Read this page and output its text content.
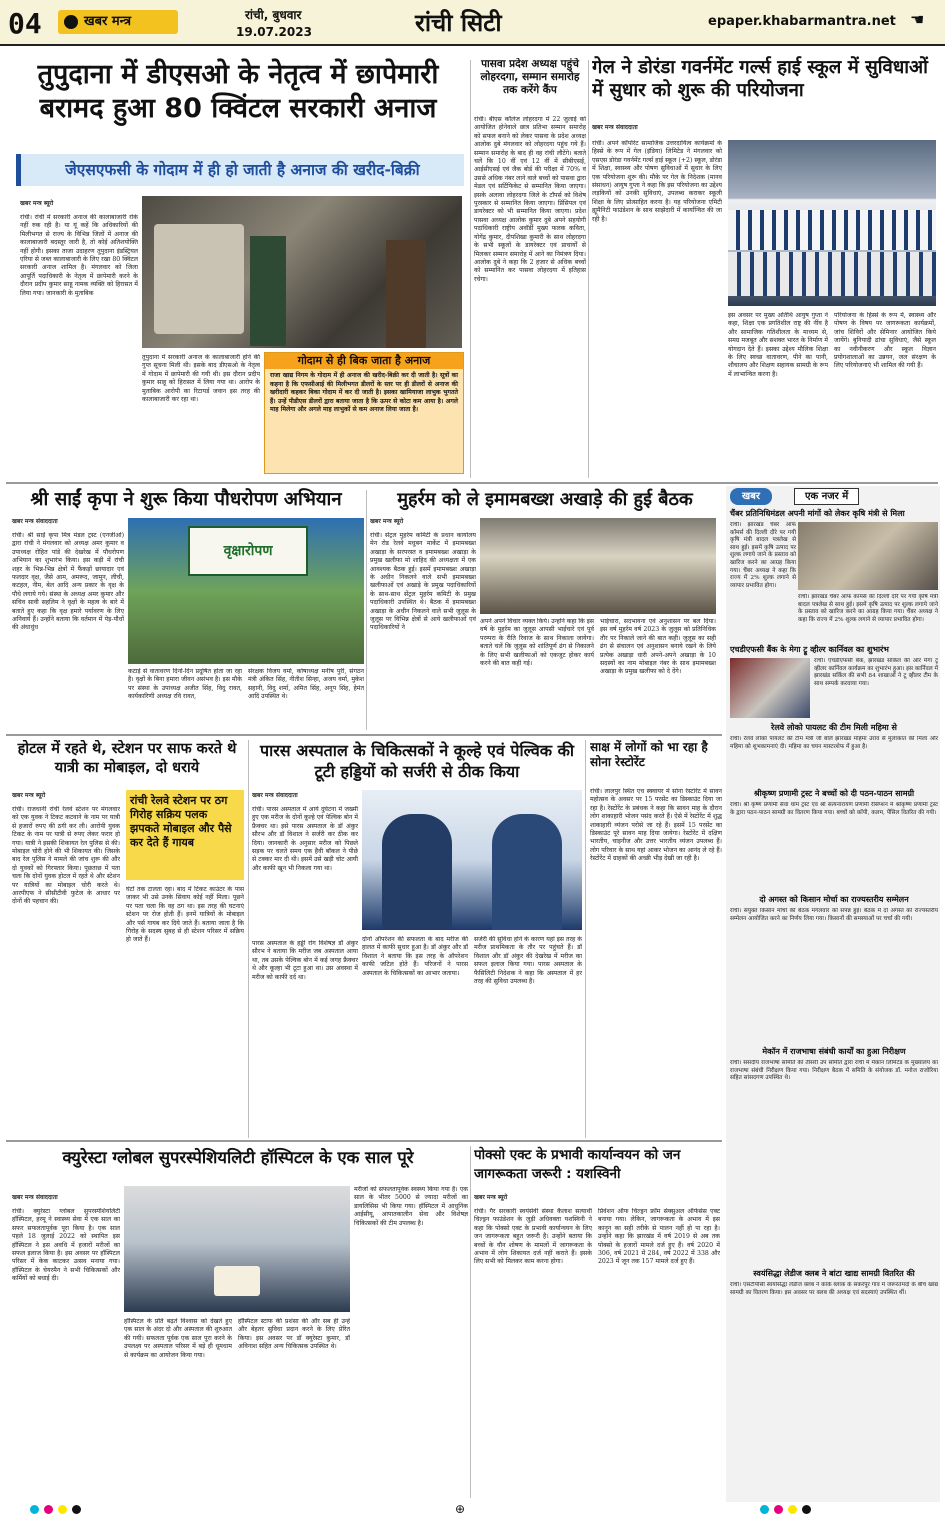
04	खबर मन्त्र	रांची, बुधवार
19.07.2023	रांची सिटी	epaper.khabarmantra.net ☚
तुपुदाना में डीएसओ के नेतृत्व में छापेमारी बरामद हुआ 80 क्विंटल सरकारी अनाज
जेएसएफसी के गोदाम में ही हो जाती है अनाज की खरीद-बिक्री
खबर मन्त्र ब्यूरो
रांची। रांची में सरकारी अनाज की कालाबाजारी रोके नहीं रुक रही है। या यूं कहें कि अधिकारियों की मिलीभगत से राज्य के विभिन्न जिलों में अनाज की कालाबाजारी बदस्तूर जारी है, तो कोई अतिशयोक्ति नहीं होगी। इसका ताजा उदाहरण तुपुदाना इंडस्ट्रियल एरिया से जब्त कालाबाजारी के लिए रखा 80 क्विंटल सरकारी अनाज शामिल है। मंगलवार को जिला आपूर्ति पदाधिकारी के नेतृत्व में छापेमारी करने के दौरान प्रदीप कुमार साहू नामक व्यक्ति को हिरासत में लिया गया। जानकारी के मुताबिक
तुपुदाना में सरकारी अनाज के कालाबाजारी होने की गुप्त सूचना मिली थी। इसके बाद डीएसओ के नेतृत्व में गोदाम में छापेमारी की गयी थी। इस दौरान प्रदीप कुमार साहू को हिरासत में लिया गया था। आरोप के मुताबिक आरोपी का रिटायर्ड जवान इस तरह की कालाबाजारी कर रहा था।
गोदाम से ही बिक जाता है अनाज
राजा खाद्य निगम के गोदाम में ही अनाज की खरीद-बिक्री कर दी जाती है। सूत्रों का कहना है कि एफसीआई की मिलीभगत डीलरों के स्तर पर ही डीलरों से अनाज की खरीदारी कहकर बिका गोदाम में कर दी जाती है। इसका खामियाजा लाभुक भुगतते हैं। उन्हें पीडीएस डीलरों द्वारा बताया जाता है कि ऊपर से कोटा कम आया है। अगले माह मिलेगा और अगले माह लाभुकों से कम अनाज लिया जाता है।
पासवा प्रदेश अध्यक्ष पहुंचे लोहरदगा, सम्मान समारोह तक करेंगे कैंप
रांची। बीएस कॉलेज लोहरदगा में 22 जुलाई को आयोजित होनेवाले छात्र प्रतिभा सम्मान समारोह को सफल बनाने को लेकर पासवा के प्रदेश अध्यक्ष आलोक दुबे मंगलवार को लोहरदगा पहुंच गये हैं। सम्मान समारोह के बाद ही वह रांची लौटेंगे। बताते चलें कि 10 वीं एवं 12 वीं में सीबीएसई, आईसीएसई एवं जैक बोर्ड की परीक्षा में 70% व उससे अधिक नंबर लाने वाले बच्चों को पासवा द्वारा मेडल एवं सर्टिफिकेट से सम्मानित किया जाएगा। इसके अलावा लोहरदगा जिले के टॉपर्स को विशेष पुरस्कार से सम्मानित किया जाएगा। प्रिंसिपल एवं डायरेक्टर को भी सम्मानित किया जाएगा। प्रदेश पासवा अध्यक्ष आलोक कुमार दुबे अपने सहयोगी पदाधिकारी राष्ट्रीय अवॉर्डी मुख्य फलक कविता, योगेंद्र कुमार, दीपशिखा कुमारी के साथ लोहरदगा के सभी स्कूलों के डायरेक्टर एवं प्राचार्यों से मिलकर सम्मान समारोह में आने का निमंत्रण दिया। आलोक दुबे ने कहा कि 2 हजार से अधिक बच्चों को सम्मानित कर पासवा लोहरदगा में इतिहास रचेगा।
गेल ने डोरंडा गवर्नमेंट गर्ल्स हाई स्कूल में सुविधाओं में सुधार को शुरू की परियोजना
खबर मन्त्र संवाददाता
रांची। अपने कॉर्पोरेट सामाजिक उत्तरदायित्व कार्यक्रमों के हिस्से के रूप में गेल (इंडिया) लिमिटेड ने मंगलवार को एसएस डोरंडा गवर्नमेंट गर्ल्स हाई स्कूल (+2) स्कूल, डोरंडा में शिक्षा, स्वास्थ्य और पोषण सुविधाओं में सुधार के लिए एक परियोजना शुरू की। मौके पर गेल के निदेशक (मानव संसाधन) आयुष गुप्ता ने कहा कि इस परियोजना का उद्देश्य लड़कियों को उनकी सुविधाएं, उपलब्ध कराकर स्कूली शिक्षा के लिए प्रोत्साहित करना है। यह परियोजना एमिटी ह्यूमैनिटी फाउंडेशन के साथ साझेदारी में कार्यान्वित की जा रही है।
इस अवसर पर मुख्य अतिथि आयुष गुप्ता ने कहा, शिक्षा एक प्रगतिशील राष्ट्र की नींव है और सामाजिक गतिशीलता के माध्यम से, समग्र मजबूत और सशक्त भारत के निर्माण में योगदान देते हैं। इसका उद्देश्य मौलिक शिक्षा के लिए स्वच्छ वातावरण, पीने का पानी, शौचालय और शिक्षण सहायक सामग्री के रूप में लाभान्वित करना है।
परियोजना के हिस्से के रूप में, स्वास्थ्य और पोषण के विषय पर जागरूकता कार्यक्रमों, जांच शिविरों और सेमिनार आयोजित किये जायेंगे। बुनियादी ढांचा सुविधाएं, जैसे स्कूल का नवीनीकरण और स्कूल विज्ञान प्रयोगशालाओं का उन्नयन, जल संरक्षण के लिए परियोजनाएं भी शामिल की गयी हैं।
श्री साईं कृपा ने शुरू किया पौधरोपण अभियान
खबर मन्त्र संवाददाता
रांची। श्री साईं कृपा मित्र मंडल ट्रस्ट (एनजीओ) द्वारा रांची ने मंगलवार को अध्यक्ष अमर कुमार व उपाध्यक्ष रोहित पांडे की देखरेख में पौधरोपण अभियान का शुभारंभ किया। इस कड़ी में रांची शहर के भिन्न-भिन्न क्षेत्रों में फैंकड़ों छायादार एवं फलदार वृक्ष, जैसे आम, अमरूद, जामुन, लीची, कटहल, नीम, बेल आदि अन्य प्रकार के वृक्ष के पौधे लगाये गये। संस्था के अध्यक्ष अमर कुमार और सचिव सावी सहलिम ने वृक्षों के महत्व के बारे में बताते हुए कहा कि वृक्ष हमारे पर्यावरण के लिए अनिवार्य हैं। उन्होंने बताया कि वर्तमान में पेड़-पौधों की अंधाधुंध
वृक्षारोपण
कटाई से वातावरण दिनों-दिन प्रदूषित होता जा रहा है। वृक्षों के बिना हमारा जीवन असंभव है। इस मौके पर संस्था के उपाध्यक्ष अजीत सिंह, विदु रावत, कार्यकारिणी अध्यक्ष रवि रावत,
संरक्षक विजय वर्मा, कोषाध्यक्ष मनीष पुरी, संगठन मंत्री अंकित सिंह, नीतीश सिन्हा, अजय वर्मा, मुकेश सहानी, विदु शर्मा, अमित सिंह, अनूप सिंह, हेमंत आदि उपस्थित थे।
मुहर्रम को ले इमामबख्श अखाड़े की हुई बैठक
खबर मन्त्र ब्यूरो
रांची। सेंट्रल मुहर्रम कमिटी के प्रधान कार्यालय मेन रोड रेलवे मधुबन मार्केट में इमामबख्श अखाड़ा के सरपरस्त व इमामबख्श अखाड़ा के प्रमुख खलीफा मो शाहिद की अध्यक्षता में एक आवश्यक बैठक हुई। इसमें इमामबख्श अखाड़ा के अधीन निकलने वाले सभी इमामबख्श खलीफाओं एवं अखाड़े के प्रमुख पदाधिकारियों के साथ-साथ सेंट्रल मुहर्रम कमिटी के प्रमुख पदाधिकारी उपस्थित थे। बैठक में इमामबख्श अखाड़ा के अधीन निकलने वाले सभी जुलूस के जुलूस पर विभिन्न क्षेत्रों से आये खलीफाओं एवं पदाधिकारियों ने
अपने अपने विचार व्यक्त किये। उन्होंने कहा कि इस वर्ष के मुहर्रम का जुलूस आपसी भाईचारे एवं पूर्व परम्परा के रीति रिवाज के साथ निकाला जायेगा। बताते चलें कि जुलूस को शांतिपूर्ण ढंग से निकालने के लिए सभी खलीफाओं को एकजुट होकर कार्य करने की बात कही गई।
भाईचारा, सदभावना एवं अनुशासन पर बल दिया। इस वर्ष मुहर्रम वर्ष 2023 के जुलूस को प्रतिनिधिक तौर पर निकाले जाने की बात कही। जुलूस का सही ढंग से संचालन एवं अनुशासन बनाये रखने के लिये प्रत्येक अखाड़ा धारी अपने-अपने अखाड़ा के 10 सदस्यों का नाम मोबाइल नंबर के साथ इमामबख्श अखाड़ा के प्रमुख खलीफा को दे देंगे।
खबर	एक नजर में
चैंबर प्रतिनिधिमंडल अपनी मांगों को लेकर कृषि मंत्री से मिला
रांची। झारखंड चैंबर ऑफ कॉमर्स की दिल्ली दौरे पर गयी कृषि मंत्री बादल पत्रलेख से साथ हुई। इसमें कृषि उत्पाद पर शुल्क लगाये जाने के प्रस्ताव को खारिज करने का आग्रह किया गया। चैंबर अध्यक्ष ने कहा कि राज्य में 2% शुल्क लगाने से व्यापार प्रभावित होगा।
रांची। झारखंड चैंबर ऑफ कॉमर्स की दिल्ली दौरे पर गयी कृषि मंत्री बादल पत्रलेख से साथ हुई। इसमें कृषि उत्पाद पर शुल्क लगाये जाने के प्रस्ताव को खारिज करने का आग्रह किया गया। चैंबर अध्यक्ष ने कहा कि राज्य में 2% शुल्क लगाने से व्यापार प्रभावित होगा।
एचडीएफसी बैंक के मेगा ट्रू व्हील्‍र कार्निवल का शुभारंभ
रांची। एचडीएफसी बैंक, झारखंड सर्किल की ओर मेगा टू व्हीलर कार्निवल कार्यक्रम का शुभारंभ हुआ। इस कार्निवल में झारखंड सर्किल की सभी 84 शाखाओं ने टू व्हीलर टीम के साथ सम्पर्क करवाया गया।
रेलवे लोको पायलट की टीम मिली महिमा से
रांची। रेलवे लोको पायलट की टीम मंत्री जी बोले झारखंड महिमा उरांव से मुलाकात की मिला और महिमा को शुभकामनाएं दी। महिमा का चयन मास्टरशेफ में हुआ है।
श्रीकृष्ण प्रणामी ट्रस्ट ने बच्चों को दी पठन-पाठन सामग्री
रांची। श्री कृष्ण प्रणामी सेवा धाम ट्रस्ट एवं श्री सत्यनारायण प्रणामी रीसेप्शन में श्रीकृष्ण प्रणामी ट्रस्ट के द्वारा पठन-पाठन सामग्री का वितरण किया गया। बच्चों को कॉपी, कलम, पेंसिल वितरित की गयी।
दो अगस्त को किसान मोर्चा का राज्यस्तरीय सम्मेलन
रांची। संयुक्त किसान मोर्चा की बैठक मंगलवार को संपन्न हुई। बैठक में दो अगस्त को राज्यस्तरीय सम्मेलन आयोजित करने का निर्णय लिया गया। किसानों की समस्याओं पर चर्चा की गयी।
मेकॉन में राजभाषा संबंधी कार्यों का हुआ निरीक्षण
रांची। संसदीय राजभाषा समिति की तीसरी उप समिति द्वारा रांची में मेकॉन लिमिटेड के मुख्यालय का राजभाषा संबंधी निरीक्षण किया गया। निरीक्षण बैठक में समिति के संयोजक डॉ. मनोज राजोरिया सहित सांसदगण उपस्थित थे।
स्वयंसिद्धा लेडीज क्लब ने बांटा खाद्य सामग्री वितरित की
रांची। एसटीपीसी स्वयंसिद्धा लेडीज क्लब ने कांके ब्लॉक के सकरपुर गांव में जरूरतमंदों के बीच खाद्य सामग्री का वितरण किया। इस अवसर पर क्लब की अध्यक्ष एवं सदस्याएं उपस्थित थीं।
होटल में रहते थे, स्टेशन पर साफ करते थे यात्री का मोबाइल, दो धराये
खबर मन्त्र ब्यूरो
रांची। राजधानी रांची रेलवे स्टेशन पर मंगलवार को एक युवक ने टिकट कटवाने के नाम पर यात्री से हजारों रुपए की ठगी कर ली। आरोपी युवक टिकट के नाम पर यात्री से रुपए लेकर फरार हो गया। यात्री ने इसकी शिकायत रेल पुलिस से की। मोबाइल चोरी होने की भी शिकायत की। जिसके बाद रेल पुलिस ने मामले की जांच शुरू की और दो युवकों को गिरफ्तार किया। पूछताछ में पता चला कि दोनों युवक होटल में रहते थे और स्टेशन पर यात्रियों का मोबाइल चोरी करते थे। आरपीएफ ने सीसीटीवी फुटेज के आधार पर दोनों की पहचान की।
रांची रेलवे स्टेशन पर ठग गिरोह सक्रिय पलक झपकते मोबाइल और पैसे कर देते हैं गायब
घंटों तक टालता रहा। बाद में टिकट काउंटर के पास जाकर भी उसे उनके सिवाय कोई नहीं मिला। पूछने पर पता चला कि वह ठग था। इस तरह की घटनाएं स्टेशन पर रोज होती हैं। इनमें यात्रियों के मोबाइल और पर्स गायब कर दिये जाते हैं। बताया जाता है कि गिरोह के सदस्य सुबह से ही स्टेशन परिसर में सक्रिय हो जाते हैं।
पारस अस्पताल के चिकित्सकों ने कूल्हे एवं पेल्विक की टूटी हड्डियों को सर्जरी से ठीक किया
खबर मन्त्र संवाददाता
रांची। पारस अस्पताल में आये दुर्घटना में जख्मी हुए एक मरीज के दोनों कूल्हे एवं पेल्विक बोन में फ्रैक्चर था। इसे पारस अस्पताल के डॉ अंकुर सौरभ और डॉ विशाल ने सर्जरी कर ठीक कर दिया। जानकारी के अनुसार मरीज को पिछले सड़क पर चलते समय एक हैवी बॉकल ने पीछे से टक्कर मार दी थी। इसमें उसे खड़ी चोट आयी और काफी खून भी निकला गया था।
पारस अस्पताल के हड्डी रोग विशेषज्ञ डॉ अंकुर सौरभ ने बताया कि मरीज जब अस्पताल आया था, तब उसके पेल्विक बोन में कई जगह फ्रैक्चर थे और कूल्हा भी टूटा हुआ था। उस अवस्था में मरीज को काफी दर्द था।
दोनों ऑपरेशन की सफलता के बाद मरीज की हालत में काफी सुधार हुआ है। डॉ अंकुर और डॉ विशाल ने बताया कि इस तरह के ऑपरेशन काफी जटिल होते हैं। परिजनों ने पारस अस्पताल के चिकित्सकों का आभार जताया।
सर्जरी की सुविधा होने के कारण यहां इस तरह के मरीज प्राथमिकता के तौर पर पहुंचते हैं। डॉ विशाल और डॉ अंकुर की देखरेख में मरीज का सफल इलाज किया गया। पारस अस्पताल के फैसिलिटी निदेशक ने कहा कि अस्पताल में हर तरह की सुविधा उपलब्ध है।
साक्ष में लोगों को भा रहा है सोना रेस्टोरेंट
रांची। लालपुर स्थित एच स्क्वायर में सोना रेस्टोरेंट में सावन महोत्सव के अवसर पर 15 परसेंट का डिस्काउंट दिया जा रहा है। रेस्टोरेंट के प्रबंधक ने कहा कि सावन माह के दौरान लोग शाकाहारी भोजन पसंद करते हैं। ऐसे में रेस्टोरेंट में शुद्ध शाकाहारी व्यंजन परोसे जा रहे हैं। इसमें 15 परसेंट का डिस्काउंट पूरे सावन माह दिया जायेगा। रेस्टोरेंट में दक्षिण भारतीय, चाइनीज और उत्तर भारतीय व्यंजन उपलब्ध हैं। लोग परिवार के साथ यहां आकर भोजन का आनंद ले रहे हैं। रेस्टोरेंट में ग्राहकों की अच्छी भीड़ देखी जा रही है।
क्युरेस्टा ग्लोबल सुपरस्पेशियलिटी हॉस्पिटल के एक साल पूरे
खबर मन्त्र संवाददाता
रांची। क्युरेस्टा ग्लोबल सुपरस्पेशियलिटी हॉस्पिटल, हरमू ने स्वास्थ्य सेवा में एक साल का सफर सफलतापूर्वक पूरा किया है। एक साल पहले 18 जुलाई 2022 को स्थापित इस हॉस्पिटल ने इस अवधि में हजारों मरीजों का सफल इलाज किया है। इस अवसर पर हॉस्पिटल परिसर में केक काटकर उत्सव मनाया गया। हॉस्पिटल के चेयरमैन ने सभी चिकित्सकों और कर्मियों को बधाई दी।
हॉस्पिटल के प्रति बढ़ते विश्वास को देखते हुए एक साल के अंदर दो और अस्पताल की शुरुआत की गयी। सफलता पूर्वक एक साल पूरा करने के उपलक्ष्य पर अस्पताल परिसर में बड़े ही धूमधाम से कार्यक्रम का आयोजन किया गया।
हॉस्पिटल स्टाफ की प्रशंसा की और सब ही उन्हें और बेहतर सुविधा प्रदान करने के लिए प्रेरित किया। इस अवसर पर डॉ क्युरेस्टा कुमार, डॉ अविनाश सहित अन्य चिकित्सक उपस्थित थे।
मरीजों को सफलतापूर्वक स्वस्थ्य किया गया है। एक साल के भीतर 5000 से ज्यादा मरीजों का डायलिसिस भी किया गया। हॉस्पिटल में आधुनिक आईसीयू, आपातकालीन सेवा और विशेषज्ञ चिकित्सकों की टीम उपलब्ध है।
पोक्सो एक्ट के प्रभावी कार्यान्वयन को जन जागरूकता जरूरी : यशस्विनी
खबर मन्त्र ब्यूरो
रांची। गैर सरकारी स्वयंसेवी संस्था कैलाश सत्यार्थी चिल्ड्रन फाउंडेशन के जुड़ी अधिवक्ता यशस्विनी ने कहा कि पोक्सो एक्ट के प्रभावी कार्यान्वयन के लिए जन जागरूकता बहुत जरूरी है। उन्होंने बताया कि बच्चों के यौन शोषण के मामलों में जागरूकता के अभाव में लोग शिकायत दर्ज नहीं कराते हैं। इसके लिए सभी को मिलकर काम करना होगा।
प्रिवेंशन ऑफ चिल्ड्रन फ्रॉम सेक्सुअल ऑफेंसेस एक्ट बनाया गया। लेकिन, जागरूकता के अभाव में इस कानून का सही तरीके से पालन नहीं हो पा रहा है। उन्होंने कहा कि झारखंड में वर्ष 2019 से अब तक पोक्सो के हजारों मामले दर्ज हुए हैं। वर्ष 2020 में 306, वर्ष 2021 में 284, वर्ष 2022 में 338 और 2023 में जून तक 157 मामले दर्ज हुए हैं।
⊕
